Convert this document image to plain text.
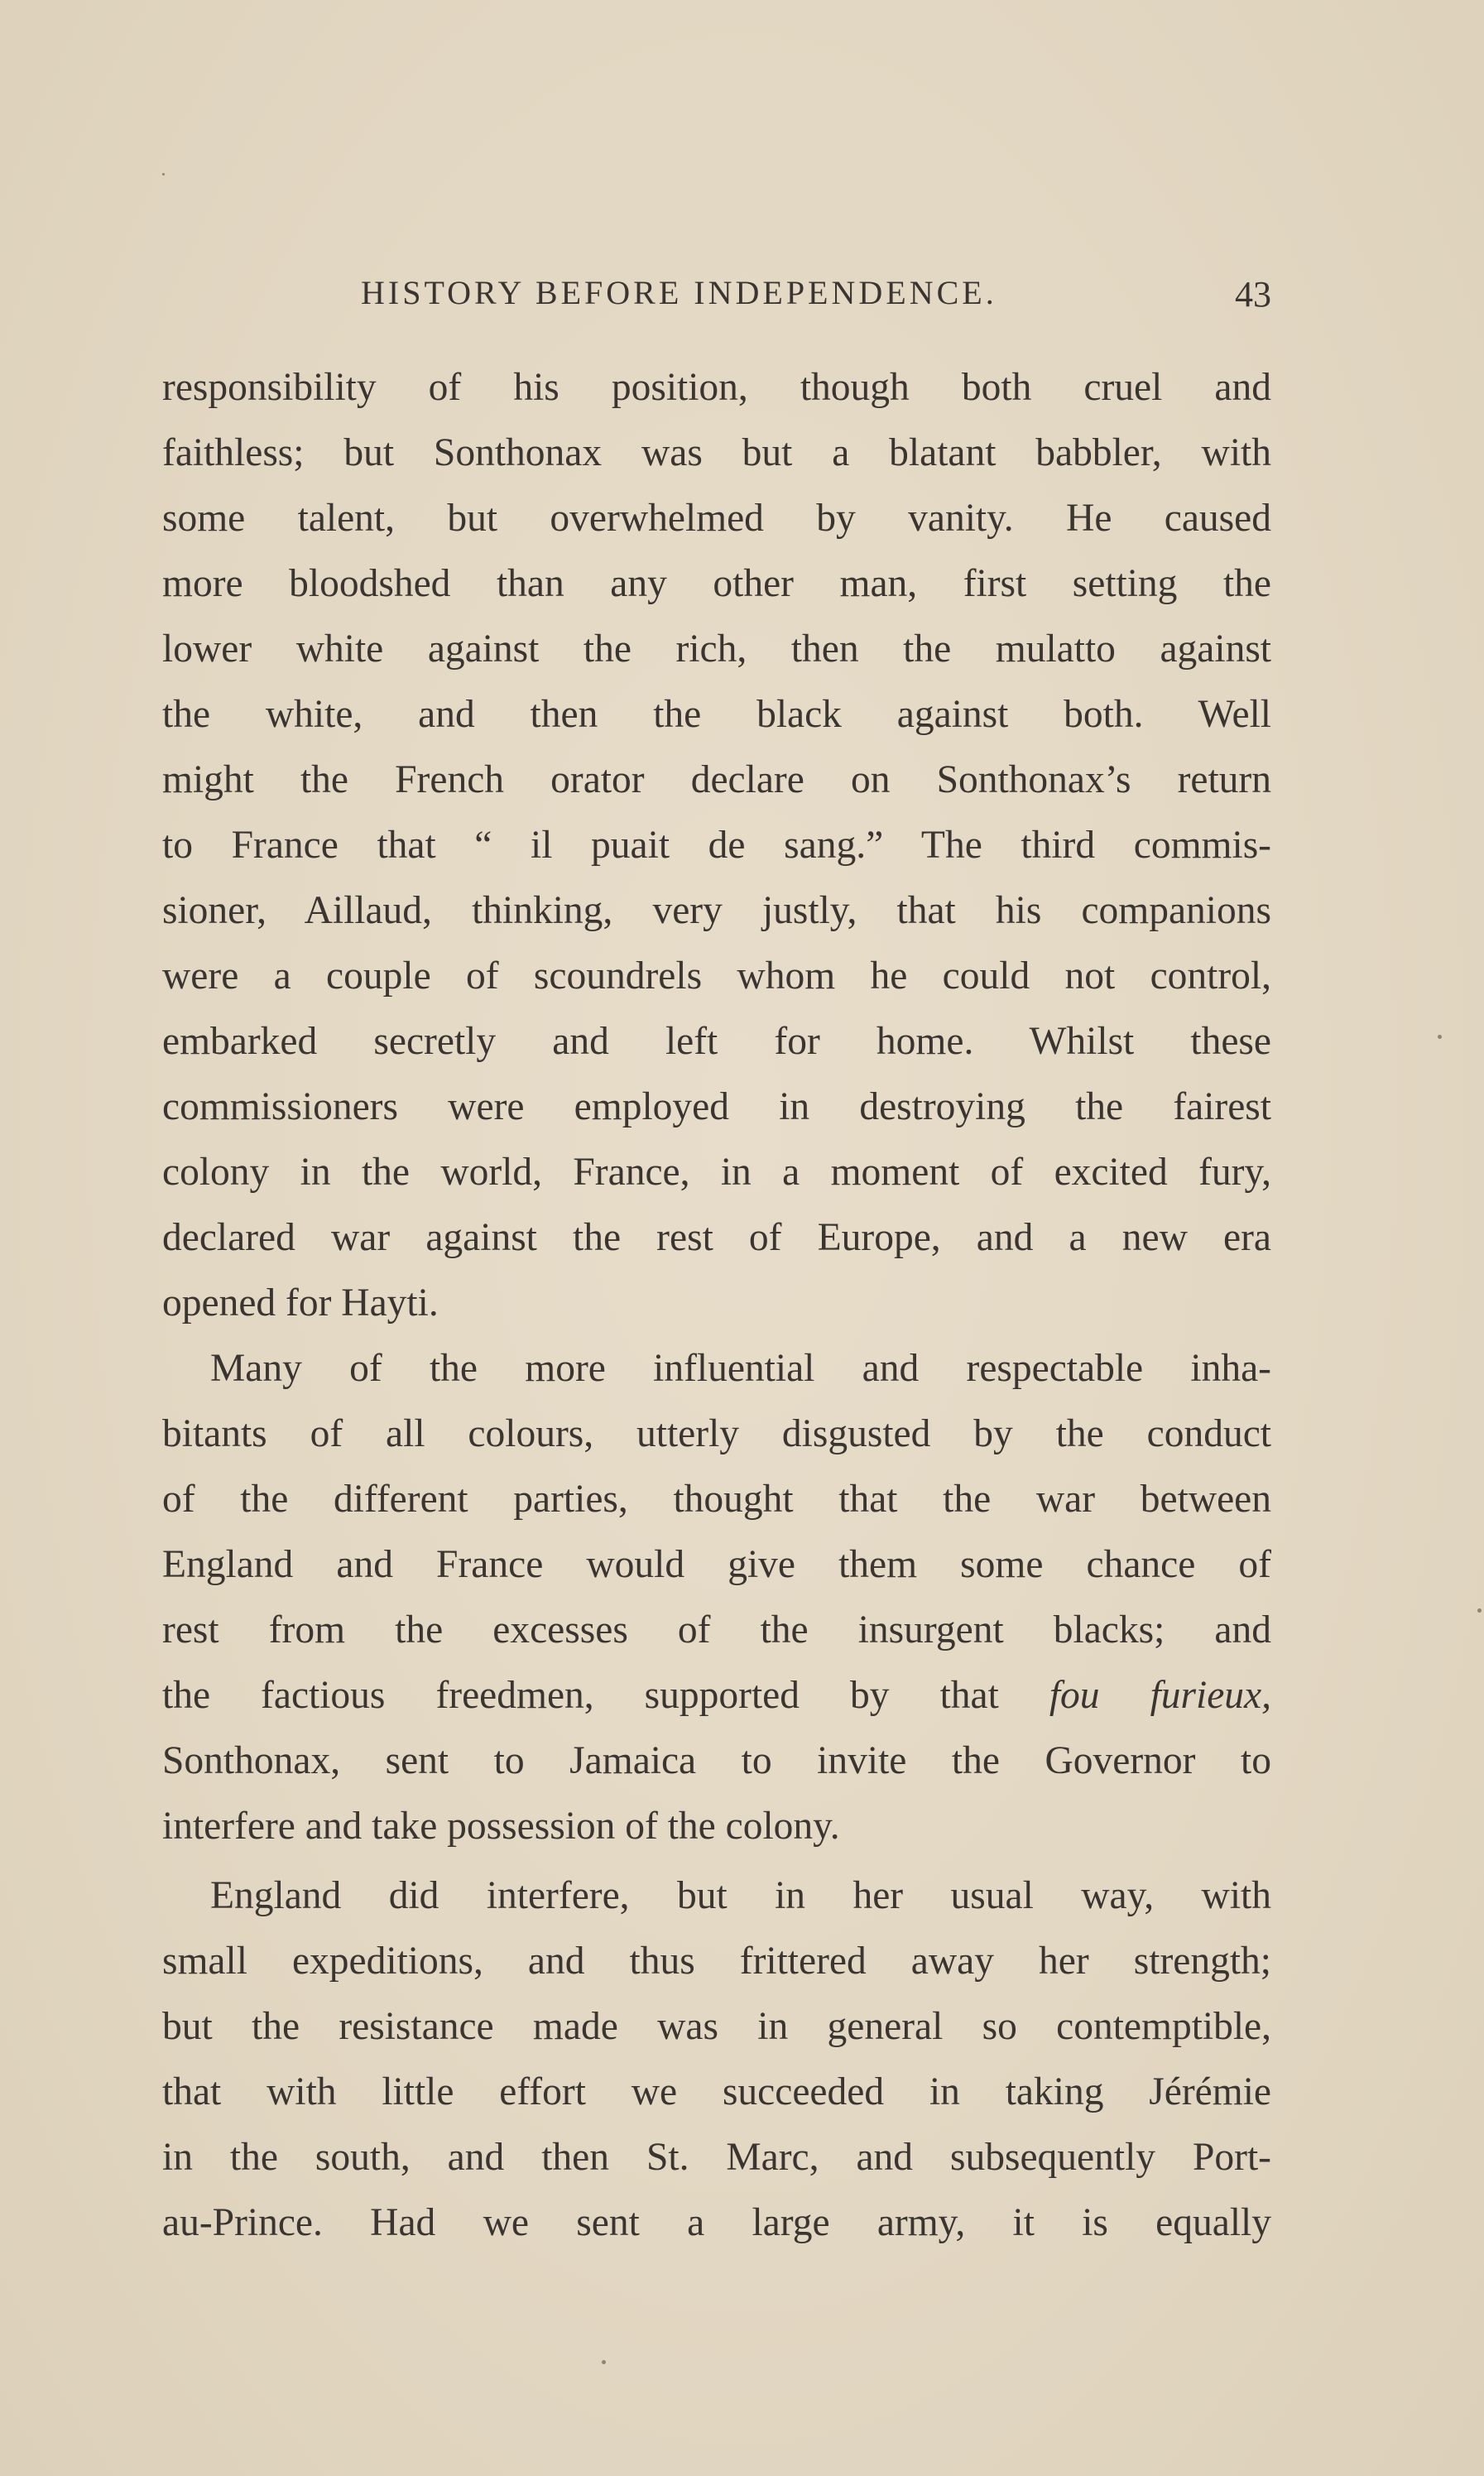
HISTORY BEFORE INDEPENDENCE.	43
responsibility of his position, though both cruel and
faithless; but Sonthonax was but a blatant babbler, with
some talent, but overwhelmed by vanity. He caused
more bloodshed than any other man, first setting the
lower white against the rich, then the mulatto against
the white, and then the black against both. Well
might the French orator declare on Sonthonax’s return
to France that “ il puait de sang.” The third commis-
sioner, Aillaud, thinking, very justly, that his companions
were a couple of scoundrels whom he could not control,
embarked secretly and left for home. Whilst these
commissioners were employed in destroying the fairest
colony in the world, France, in a moment of excited fury,
declared war against the rest of Europe, and a new era
opened for Hayti.
Many of the more influential and respectable inha-
bitants of all colours, utterly disgusted by the conduct
of the different parties, thought that the war between
England and France would give them some chance of
rest from the excesses of the insurgent blacks; and
the factious freedmen, supported by that fou furieux,
Sonthonax, sent to Jamaica to invite the Governor to
interfere and take possession of the colony.
England did interfere, but in her usual way, with
small expeditions, and thus frittered away her strength;
but the resistance made was in general so contemptible,
that with little effort we succeeded in taking Jérémie
in the south, and then St. Marc, and subsequently Port-
au-Prince. Had we sent a large army, it is equally
